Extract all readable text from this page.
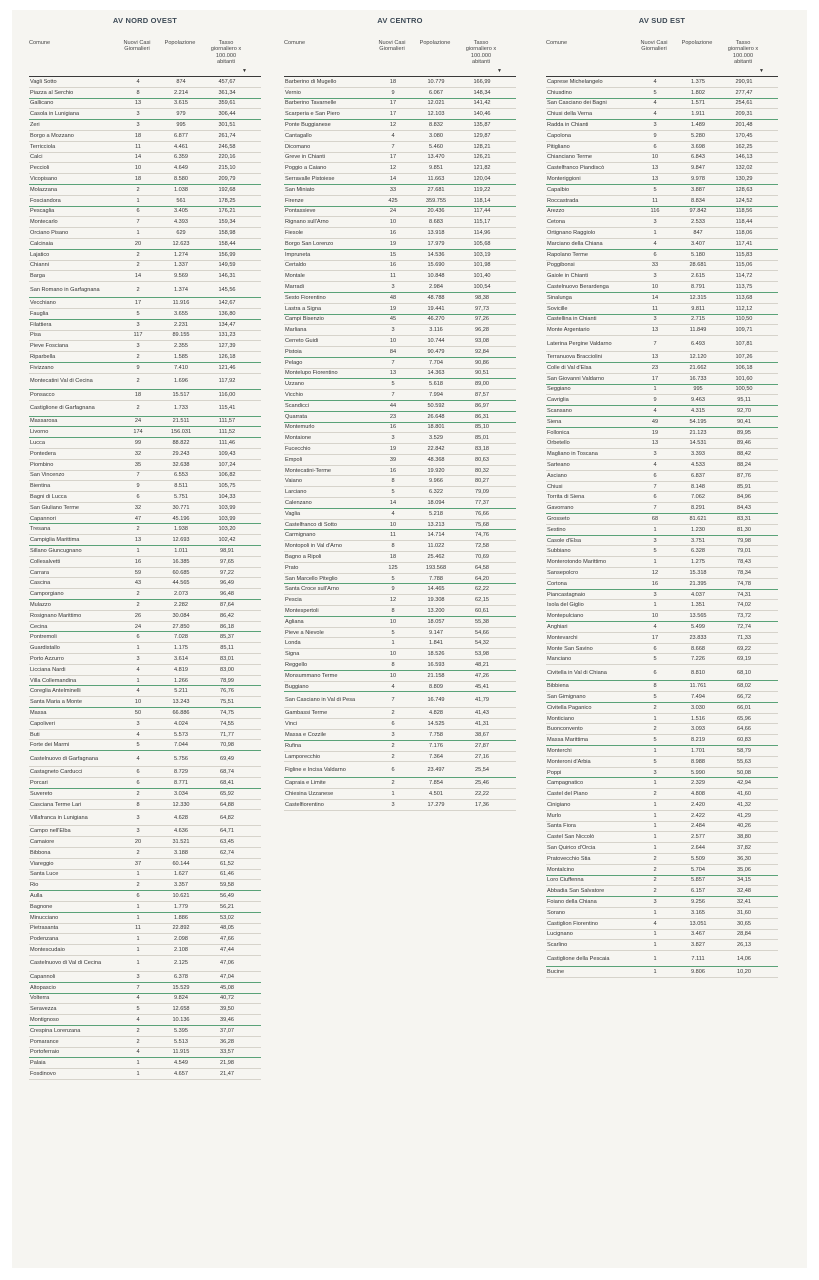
AV NORD OVEST
Comune	Nuovi Casi
Giornalieri
Popolazione	Tasso
giornaliero x
100.000
abitanti
▼
Vagli Sotto	4	874	457,67
Piazza al Serchio	8	2.214	361,34
Gallicano	13	3.615	359,61
Casola in Lunigiana	3	979	306,44
Zeri	3	995	301,51
Borgo a Mozzano	18	6.877	261,74
Terricciola	11	4.461	246,58
Calci	14	6.359	220,16
Peccioli	10	4.649	215,10
Vicopisano	18	8.580	209,79
Molazzana	2	1.038	192,68
Fosciandora	1	561	178,25
Pescaglia	6	3.405	176,21
Montecarlo	7	4.393	159,34
Orciano Pisano	1	629	158,98
Calcinaia	20	12.623	158,44
Lajatico	2	1.274	156,99
Chianni	2	1.337	149,59
Barga	14	9.569	146,31
San Romano in Garfagnana	2	1.374	145,56
Vecchiano	17	11.916	142,67
Fauglia	5	3.655	136,80
Filattiera	3	2.231	134,47
Pisa	117	89.155	131,23
Pieve Fosciana	3	2.355	127,39
Riparbella	2	1.585	126,18
Fivizzano	9	7.410	121,46
Montecatini Val di Cecina	2	1.696	117,92
Ponsacco	18	15.517	116,00
Castiglione di Garfagnana	2	1.733	115,41
Massarosa	24	21.511	111,57
Livorno	174	156.031	111,52
Lucca	99	88.822	111,46
Pontedera	32	29.243	109,43
Piombino	35	32.638	107,24
San Vincenzo	7	6.553	106,82
Bientina	9	8.511	105,75
Bagni di Lucca	6	5.751	104,33
San Giuliano Terme	32	30.771	103,99
Capannori	47	45.196	103,99
Tresana	2	1.938	103,20
Campiglia Marittima	13	12.693	102,42
Sillano Giuncugnano	1	1.011	98,91
Collesalvetti	16	16.385	97,65
Carrara	59	60.685	97,22
Cascina	43	44.565	96,49
Camporgiano	2	2.073	96,48
Mulazzo	2	2.282	87,64
Rosignano Marittimo	26	30.084	86,42
Cecina	24	27.850	86,18
Pontremoli	6	7.028	85,37
Guardistallo	1	1.175	85,11
Porto Azzurro	3	3.614	83,01
Licciana Nardi	4	4.819	83,00
Villa Collemandina	1	1.266	78,99
Coreglia Antelminelli	4	5.211	76,76
Santa Maria a Monte	10	13.243	75,51
Massa	50	66.886	74,75
Capoliveri	3	4.024	74,55
Buti	4	5.573	71,77
Forte dei Marmi	5	7.044	70,98
Castelnuovo di Garfagnana	4	5.756	69,49
Castagneto Carducci	6	8.729	68,74
Porcari	6	8.771	68,41
Suvereto	2	3.034	65,92
Casciana Terme Lari	8	12.330	64,88
Villafranca in Lunigiana	3	4.628	64,82
Campo nell'Elba	3	4.636	64,71
Camaiore	20	31.521	63,45
Bibbona	2	3.188	62,74
Viareggio	37	60.144	61,52
Santa Luce	1	1.627	61,46
Rio	2	3.357	59,58
Aulla	6	10.621	56,49
Bagnone	1	1.779	56,21
Minucciano	1	1.886	53,02
Pietrasanta	11	22.892	48,05
Podenzana	1	2.098	47,66
Montescudaio	1	2.108	47,44
Castelnuovo di Val di Cecina	1	2.125	47,06
Capannoli	3	6.378	47,04
Altopascio	7	15.529	45,08
Volterra	4	9.824	40,72
Seravezza	5	12.658	39,50
Montignoso	4	10.136	39,46
Crespina Lorenzana	2	5.395	37,07
Pomarance	2	5.513	36,28
Portoferraio	4	11.915	33,57
Palaia	1	4.549	21,98
Fosdinovo	1	4.657	21,47
AV CENTRO
Comune	Nuovi Casi
Giornalieri
Popolazione	Tasso
giornaliero x
100.000
abitanti
▼
Barberino di Mugello	18	10.779	166,99
Vernio	9	6.067	148,34
Barberino Tavarnelle	17	12.021	141,42
Scarperia e San Piero	17	12.103	140,46
Ponte Buggianese	12	8.832	135,87
Cantagallo	4	3.080	129,87
Dicomano	7	5.460	128,21
Greve in Chianti	17	13.470	126,21
Poggio a Caiano	12	9.851	121,82
Serravalle Pistoiese	14	11.663	120,04
San Miniato	33	27.681	119,22
Firenze	425	359.755	118,14
Pontassieve	24	20.436	117,44
Rignano sull'Arno	10	8.683	115,17
Fiesole	16	13.918	114,96
Borgo San Lorenzo	19	17.979	105,68
Impruneta	15	14.536	103,19
Certaldo	16	15.690	101,98
Montale	11	10.848	101,40
Marradi	3	2.984	100,54
Sesto Fiorentino	48	48.788	98,38
Lastra a Signa	19	19.441	97,73
Campi Bisenzio	45	46.270	97,26
Marliana	3	3.116	96,28
Cerreto Guidi	10	10.744	93,08
Pistoia	84	90.479	92,84
Pelago	7	7.704	90,86
Montelupo Fiorentino	13	14.363	90,51
Uzzano	5	5.618	89,00
Vicchio	7	7.994	87,57
Scandicci	44	50.592	86,97
Quarrata	23	26.648	86,31
Montemurlo	16	18.801	85,10
Montaione	3	3.529	85,01
Fucecchio	19	22.842	83,18
Empoli	39	48.368	80,63
Montecatini-Terme	16	19.920	80,32
Vaiano	8	9.966	80,27
Larciano	5	6.322	79,09
Calenzano	14	18.094	77,37
Vaglia	4	5.218	76,66
Castelfranco di Sotto	10	13.213	75,68
Carmignano	11	14.714	74,76
Montopoli in Val d'Arno	8	11.022	72,58
Bagno a Ripoli	18	25.462	70,69
Prato	125	193.568	64,58
San Marcello Piteglio	5	7.788	64,20
Santa Croce sull'Arno	9	14.465	62,22
Pescia	12	19.308	62,15
Montespertoli	8	13.200	60,61
Agliana	10	18.057	55,38
Pieve a Nievole	5	9.147	54,66
Londa	1	1.841	54,32
Signa	10	18.526	53,98
Reggello	8	16.593	48,21
Monsummano Terme	10	21.158	47,26
Buggiano	4	8.809	45,41
San Casciano in Val di Pesa	7	16.749	41,79
Gambassi Terme	2	4.828	41,43
Vinci	6	14.525	41,31
Massa e Cozzile	3	7.758	38,67
Rufina	2	7.176	27,87
Lamporecchio	2	7.364	27,16
Figline e Incisa Valdarno	6	23.497	25,54
Capraia e Limite	2	7.854	25,46
Chiesina Uzzanese	1	4.501	22,22
Castelfiorentino	3	17.279	17,36
AV SUD EST
Comune	Nuovi Casi
Giornalieri
Popolazione	Tasso
giornaliero x
100.000
abitanti
▼
Caprese Michelangelo	4	1.375	290,91
Chiusdino	5	1.802	277,47
San Casciano dei Bagni	4	1.571	254,61
Chiusi della Verna	4	1.911	209,31
Radda in Chianti	3	1.489	201,48
Capolona	9	5.280	170,45
Pitigliano	6	3.698	162,25
Chianciano Terme	10	6.843	146,13
Castelfranco Piandiscò	13	9.847	132,02
Monteriggioni	13	9.978	130,29
Capalbio	5	3.887	128,63
Roccastrada	11	8.834	124,52
Arezzo	116	97.842	118,56
Cetona	3	2.533	118,44
Ortignano Raggiolo	1	847	118,06
Marciano della Chiana	4	3.407	117,41
Rapolano Terme	6	5.180	115,83
Poggibonsi	33	28.681	115,06
Gaiole in Chianti	3	2.615	114,72
Castelnuovo Berardenga	10	8.791	113,75
Sinalunga	14	12.315	113,68
Sovicille	11	9.811	112,12
Castellina in Chianti	3	2.715	110,50
Monte Argentario	13	11.849	109,71
Laterina Pergine Valdarno	7	6.493	107,81
Terranuova Bracciolini	13	12.120	107,26
Colle di Val d'Elsa	23	21.662	106,18
San Giovanni Valdarno	17	16.733	101,60
Seggiano	1	995	100,50
Cavriglia	9	9.463	95,11
Scansano	4	4.315	92,70
Siena	49	54.195	90,41
Follonica	19	21.123	89,95
Orbetello	13	14.531	89,46
Magliano in Toscana	3	3.393	88,42
Sarteano	4	4.533	88,24
Asciano	6	6.837	87,76
Chiusi	7	8.148	85,91
Torrita di Siena	6	7.062	84,96
Gavorrano	7	8.291	84,43
Grosseto	68	81.621	83,31
Sestino	1	1.230	81,30
Casole d'Elsa	3	3.751	79,98
Subbiano	5	6.328	79,01
Monterotondo Marittimo	1	1.275	78,43
Sansepolcro	12	15.318	78,34
Cortona	16	21.395	74,78
Piancastagnaio	3	4.037	74,31
Isola del Giglio	1	1.351	74,02
Montepulciano	10	13.565	73,72
Anghiari	4	5.499	72,74
Montevarchi	17	23.833	71,33
Monte San Savino	6	8.668	69,22
Manciano	5	7.226	69,19
Civitella in Val di Chiana	6	8.810	68,10
Bibbiena	8	11.761	68,02
San Gimignano	5	7.494	66,72
Civitella Paganico	2	3.030	66,01
Monticiano	1	1.516	65,96
Buonconvento	2	3.093	64,66
Massa Marittima	5	8.219	60,83
Monterchi	1	1.701	58,79
Monteroni d'Arbia	5	8.988	55,63
Poppi	3	5.990	50,08
Campagnatico	1	2.329	42,94
Castel del Piano	2	4.808	41,60
Cinigiano	1	2.420	41,32
Murlo	1	2.422	41,29
Santa Fiora	1	2.484	40,26
Castel San Niccolò	1	2.577	38,80
San Quirico d'Orcia	1	2.644	37,82
Pratovecchio Stia	2	5.509	36,30
Montalcino	2	5.704	35,06
Loro Ciuffenna	2	5.857	34,15
Abbadia San Salvatore	2	6.157	32,48
Foiano della Chiana	3	9.256	32,41
Sorano	1	3.165	31,60
Castiglion Fiorentino	4	13.051	30,65
Lucignano	1	3.467	28,84
Scarlino	1	3.827	26,13
Castiglione della Pescaia	1	7.111	14,06
Bucine	1	9.806	10,20
